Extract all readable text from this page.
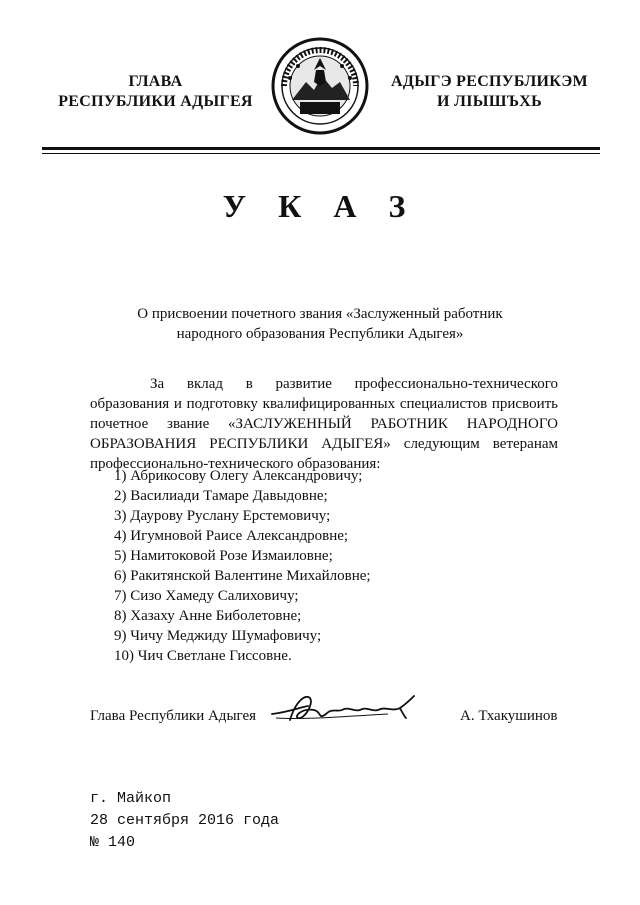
ГЛАВА
РЕСПУБЛИКИ АДЫГЕЯ
АДЫГЭ РЕСПУБЛИКЭМ
И ЛІЫШЪХЬ
У К А З
О присвоении почетного звания «Заслуженный работник
народного образования Республики Адыгея»
За вклад в развитие профессионально-технического образования и подготовку квалифицированных специалистов присвоить почетное звание «ЗАСЛУЖЕННЫЙ РАБОТНИК НАРОДНОГО ОБРАЗОВАНИЯ РЕСПУБЛИКИ АДЫГЕЯ» следующим ветеранам профессионально-технического образования:
1) Абрикосову Олегу Александровичу;
2) Василиади Тамаре Давыдовне;
3) Даурову Руслану Ерстемовичу;
4) Игумновой Раисе Александровне;
5) Намитоковой Розе Измаиловне;
6) Ракитянской Валентине Михайловне;
7) Сизо Хамеду Салиховичу;
8) Хазаху Анне Биболетовне;
9) Чичу Меджиду Шумафовичу;
10) Чич Светлане Гиссовне.
Глава Республики Адыгея	А. Тхакушинов
г. Майкоп
28 сентября 2016 года
№ 140
